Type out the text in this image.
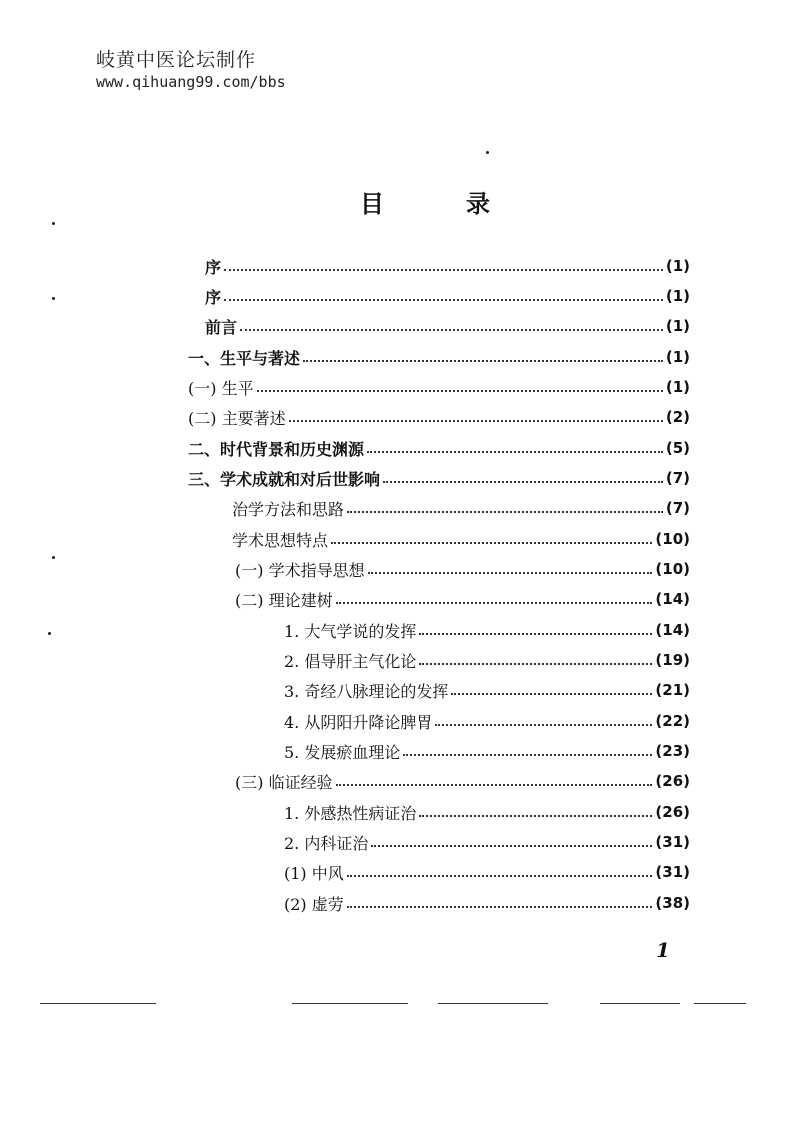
岐黄中医论坛制作
www.qihuang99.com/bbs
目	录
序	(1)
序	(1)
前言	(1)
一、生平与著述	(1)
(一) 生平	(1)
(二) 主要著述	(2)
二、时代背景和历史渊源	(5)
三、学术成就和对后世影响	(7)
治学方法和思路	(7)
学术思想特点	(10)
(一) 学术指导思想	(10)
(二) 理论建树	(14)
1. 大气学说的发挥	(14)
2. 倡导肝主气化论	(19)
3. 奇经八脉理论的发挥	(21)
4. 从阴阳升降论脾胃	(22)
5. 发展瘀血理论	(23)
(三) 临证经验	(26)
1. 外感热性病证治	(26)
2. 内科证治	(31)
(1) 中风	(31)
(2) 虚劳	(38)
1
